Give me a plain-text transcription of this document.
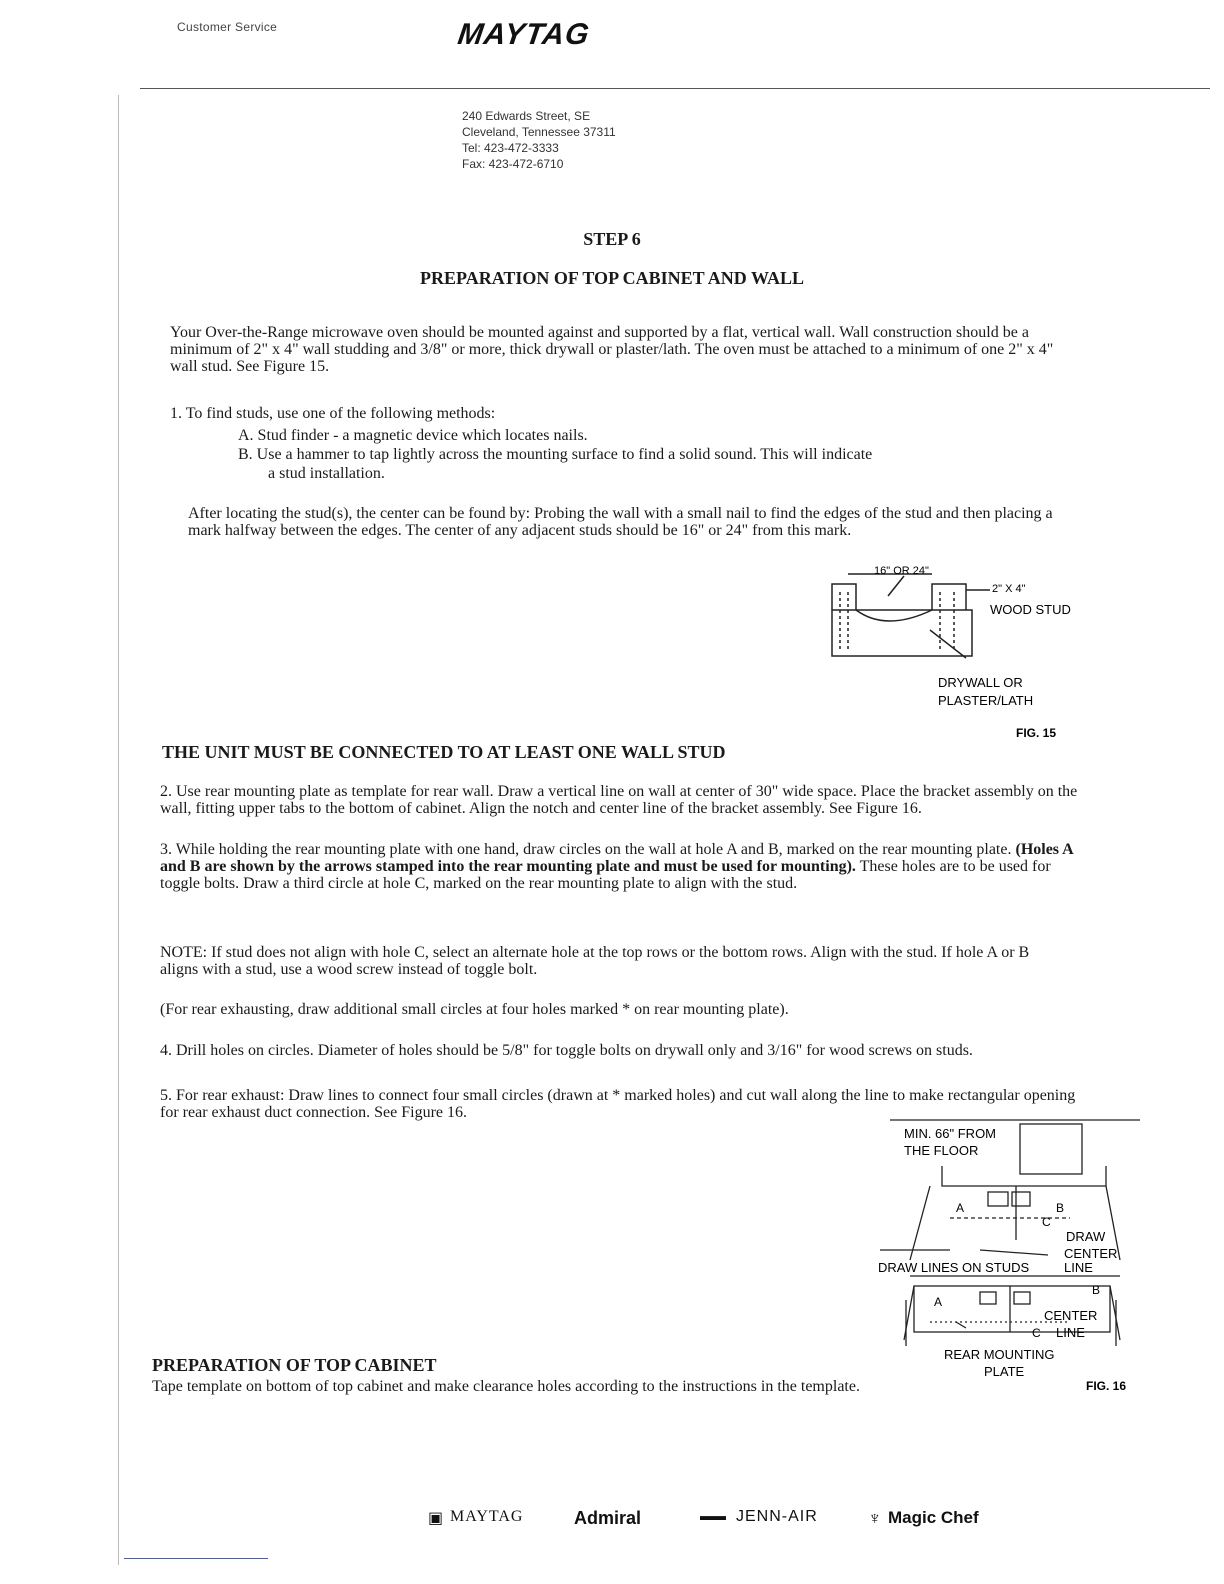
Customer Service	MAYTAG
240 Edwards Street, SE
Cleveland, Tennessee 37311
Tel: 423-472-3333
Fax: 423-472-6710
STEP 6
PREPARATION OF TOP CABINET AND WALL
Your Over-the-Range microwave oven should be mounted against and supported by a flat, vertical wall. Wall construction should be a minimum of 2" x 4" wall studding and 3/8" or more, thick drywall or plaster/lath. The oven must be attached to a minimum of one 2" x 4" wall stud. See Figure 15.
1. To find studs, use one of the following methods:
A. Stud finder - a magnetic device which locates nails.
B. Use a hammer to tap lightly across the mounting surface to find a solid sound. This will indicate
a stud installation.
After locating the stud(s), the center can be found by: Probing the wall with a small nail to find the edges of the stud and then placing a mark halfway between the edges. The center of any adjacent studs should be 16" or 24" from this mark.
16" OR 24"
2" X 4"
WOOD STUD
DRYWALL OR
PLASTER/LATH
FIG. 15
THE UNIT MUST BE CONNECTED TO AT LEAST ONE WALL STUD
2. Use rear mounting plate as template for rear wall. Draw a vertical line on wall at center of 30" wide space. Place the bracket assembly on the wall, fitting upper tabs to the bottom of cabinet. Align the notch and center line of the bracket assembly. See Figure 16.
3. While holding the rear mounting plate with one hand, draw circles on the wall at hole A and B, marked on the rear mounting plate. (Holes A and B are shown by the arrows stamped into the rear mounting plate and must be used for mounting). These holes are to be used for toggle bolts. Draw a third circle at hole C, marked on the rear mounting plate to align with the stud.
NOTE: If stud does not align with hole C, select an alternate hole at the top rows or the bottom rows. Align with the stud. If hole A or B aligns with a stud, use a wood screw instead of toggle bolt.
(For rear exhausting, draw additional small circles at four holes marked * on rear mounting plate).
4. Drill holes on circles. Diameter of holes should be 5/8" for toggle bolts on drywall only and 3/16" for wood screws on studs.
5. For rear exhaust: Draw lines to connect four small circles (drawn at * marked holes) and cut wall along the line to make rectangular opening for rear exhaust duct connection. See Figure 16.
MIN. 66" FROM
THE FLOOR
A	B
C
DRAW
CENTER
DRAW LINES ON STUDS	LINE
A
B
CENTER
C LINE
REAR MOUNTING
PLATE
FIG. 16
PREPARATION OF TOP CABINET
Tape template on bottom of top cabinet and make clearance holes according to the instructions in the template.
▣ MAYTAG	Admiral	▬▬ JENN-AIR	♆ Magic Chef
